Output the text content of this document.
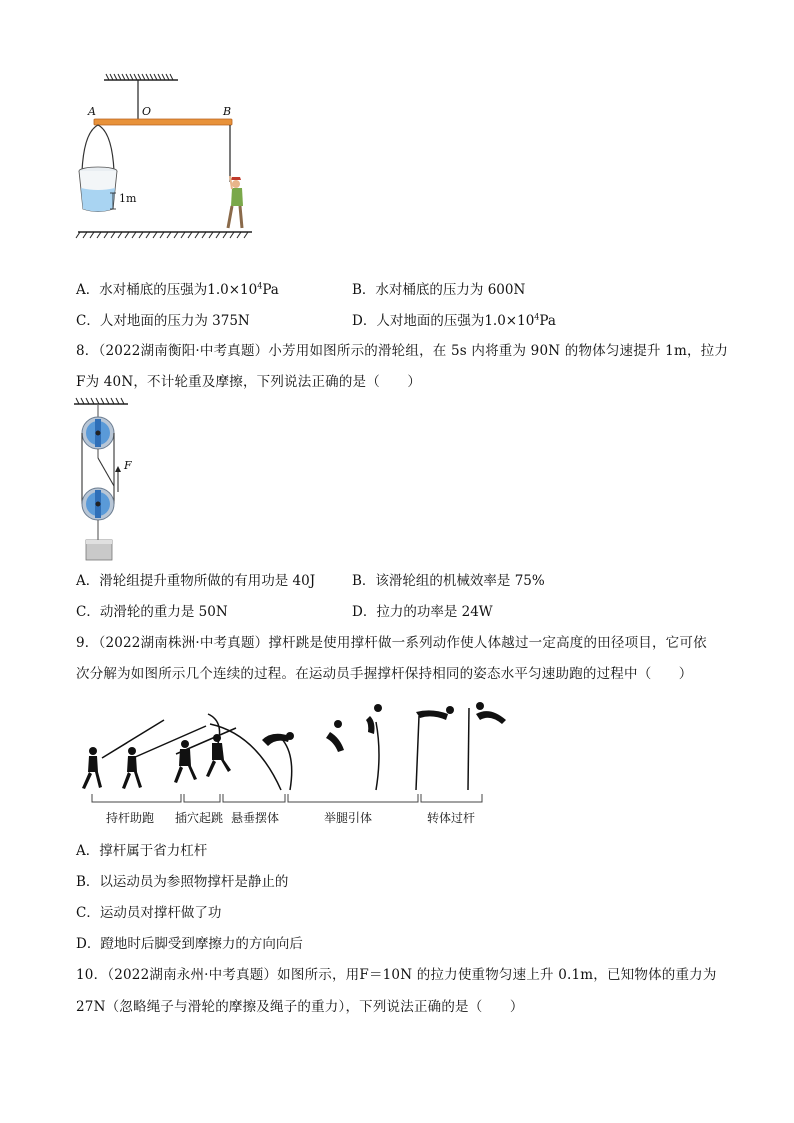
A	O	B
1m
A．水对桶底的压强为$1.0\times 10^4Pa$	B．水对桶底的压力为 600N
C．人对地面的压力为 375N	D．人对地面的压强为$1.0\times 10^4Pa$
8．（2022湖南衡阳·中考真题）小芳用如图所示的滑轮组，在 5s 内将重为 90N 的物体匀速提升 1m，拉力
F为 40N，不计轮重及摩擦，下列说法正确的是（　　）
F
A．滑轮组提升重物所做的有用功是 40J	B．该滑轮组的机械效率是 75%
C．动滑轮的重力是 50N	D．拉力的功率是 24W
9．（2022湖南株洲·中考真题）撑杆跳是使用撑杆做一系列动作使人体越过一定高度的田径项目，它可依
次分解为如图所示几个连续的过程。在运动员手握撑杆保持相同的姿态水平匀速助跑的过程中（　　）
持杆助跑 插穴起跳 悬垂摆体	举腿引体	转体过杆
A．撑杆属于省力杠杆
B．以运动员为参照物撑杆是静止的
C．运动员对撑杆做了功
D．蹬地时后脚受到摩擦力的方向向后
10．（2022湖南永州·中考真题）如图所示，用F＝10N 的拉力使重物匀速上升 0.1m，已知物体的重力为
27N（忽略绳子与滑轮的摩擦及绳子的重力），下列说法正确的是（　　）
